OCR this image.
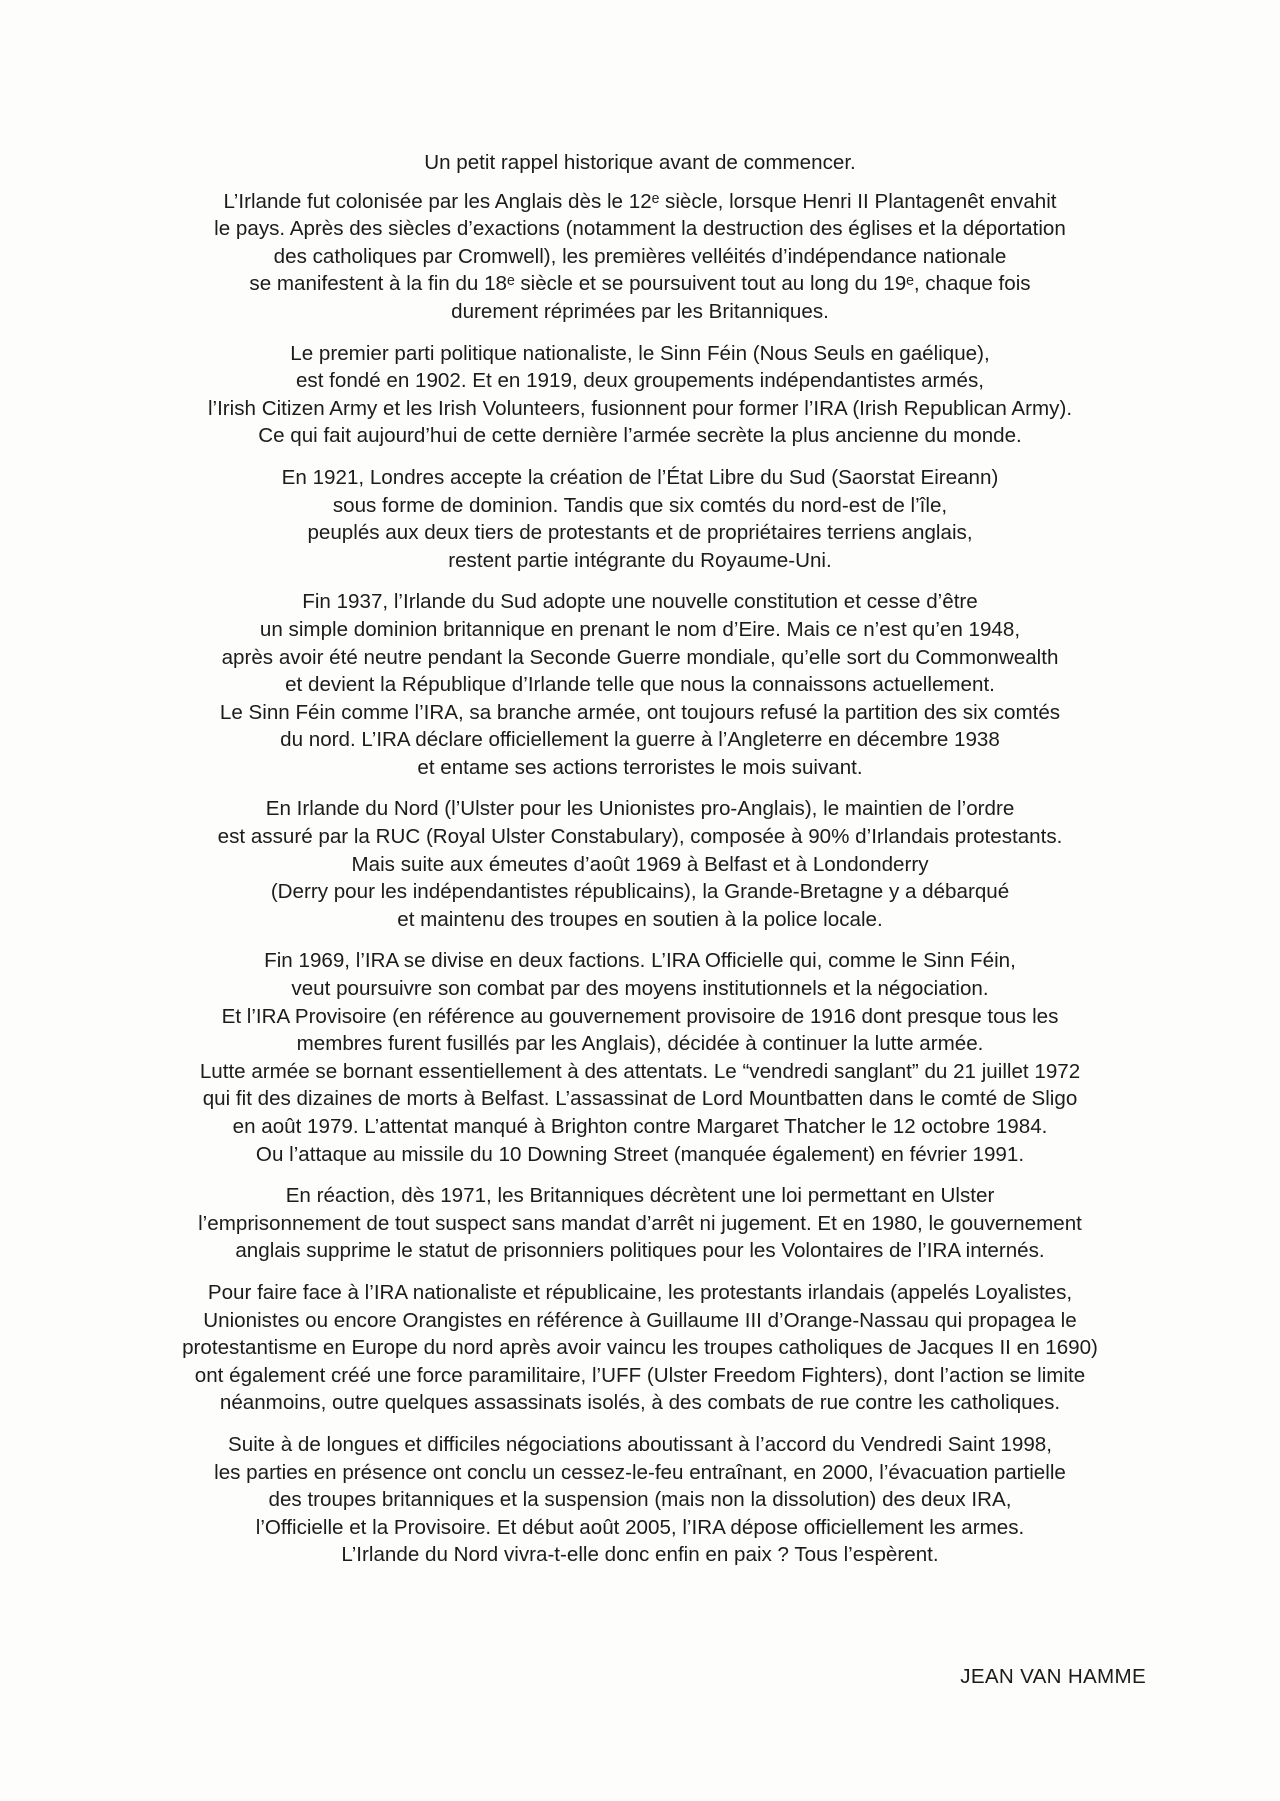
Un petit rappel historique avant de commencer.
L’Irlande fut colonisée par les Anglais dès le 12ᵉ siècle, lorsque Henri II Plantagenêt envahit
le pays. Après des siècles d’exactions (notamment la destruction des églises et la déportation
des catholiques par Cromwell), les premières velléités d’indépendance nationale
se manifestent à la fin du 18ᵉ siècle et se poursuivent tout au long du 19ᵉ, chaque fois
durement réprimées par les Britanniques.
Le premier parti politique nationaliste, le Sinn Féin (Nous Seuls en gaélique),
est fondé en 1902. Et en 1919, deux groupements indépendantistes armés,
l’Irish Citizen Army et les Irish Volunteers, fusionnent pour former l’IRA (Irish Republican Army).
Ce qui fait aujourd’hui de cette dernière l’armée secrète la plus ancienne du monde.
En 1921, Londres accepte la création de l’État Libre du Sud (Saorstat Eireann)
sous forme de dominion. Tandis que six comtés du nord-est de l’île,
peuplés aux deux tiers de protestants et de propriétaires terriens anglais,
restent partie intégrante du Royaume-Uni.
Fin 1937, l’Irlande du Sud adopte une nouvelle constitution et cesse d’être
un simple dominion britannique en prenant le nom d’Eire. Mais ce n’est qu’en 1948,
après avoir été neutre pendant la Seconde Guerre mondiale, qu’elle sort du Commonwealth
et devient la République d’Irlande telle que nous la connaissons actuellement.
Le Sinn Féin comme l’IRA, sa branche armée, ont toujours refusé la partition des six comtés
du nord. L’IRA déclare officiellement la guerre à l’Angleterre en décembre 1938
et entame ses actions terroristes le mois suivant.
En Irlande du Nord (l’Ulster pour les Unionistes pro-Anglais), le maintien de l’ordre
est assuré par la RUC (Royal Ulster Constabulary), composée à 90% d’Irlandais protestants.
Mais suite aux émeutes d’août 1969 à Belfast et à Londonderry
(Derry pour les indépendantistes républicains), la Grande-Bretagne y a débarqué
et maintenu des troupes en soutien à la police locale.
Fin 1969, l’IRA se divise en deux factions. L’IRA Officielle qui, comme le Sinn Féin,
veut poursuivre son combat par des moyens institutionnels et la négociation.
Et l’IRA Provisoire (en référence au gouvernement provisoire de 1916 dont presque tous les
membres furent fusillés par les Anglais), décidée à continuer la lutte armée.
Lutte armée se bornant essentiellement à des attentats. Le “vendredi sanglant” du 21 juillet 1972
qui fit des dizaines de morts à Belfast. L’assassinat de Lord Mountbatten dans le comté de Sligo
en août 1979. L’attentat manqué à Brighton contre Margaret Thatcher le 12 octobre 1984.
Ou l’attaque au missile du 10 Downing Street (manquée également) en février 1991.
En réaction, dès 1971, les Britanniques décrètent une loi permettant en Ulster
l’emprisonnement de tout suspect sans mandat d’arrêt ni jugement. Et en 1980, le gouvernement
anglais supprime le statut de prisonniers politiques pour les Volontaires de l’IRA internés.
Pour faire face à l’IRA nationaliste et républicaine, les protestants irlandais (appelés Loyalistes,
Unionistes ou encore Orangistes en référence à Guillaume III d’Orange-Nassau qui propagea le
protestantisme en Europe du nord après avoir vaincu les troupes catholiques de Jacques II en 1690)
ont également créé une force paramilitaire, l’UFF (Ulster Freedom Fighters), dont l’action se limite
néanmoins, outre quelques assassinats isolés, à des combats de rue contre les catholiques.
Suite à de longues et difficiles négociations aboutissant à l’accord du Vendredi Saint 1998,
les parties en présence ont conclu un cessez-le-feu entraînant, en 2000, l’évacuation partielle
des troupes britanniques et la suspension (mais non la dissolution) des deux IRA,
l’Officielle et la Provisoire. Et début août 2005, l’IRA dépose officiellement les armes.
L’Irlande du Nord vivra-t-elle donc enfin en paix ? Tous l’espèrent.
JEAN VAN HAMME
